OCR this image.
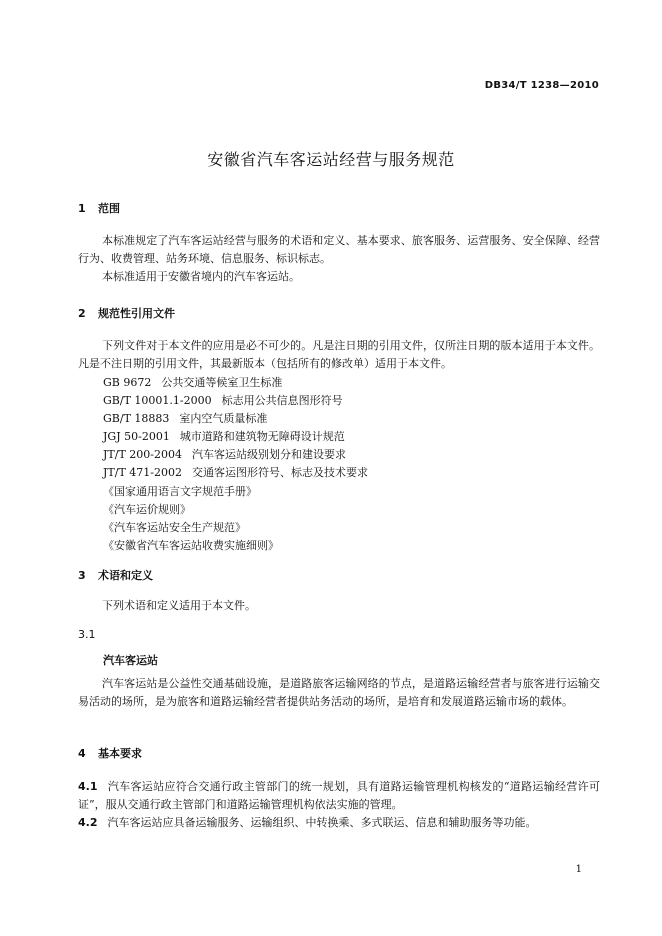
DB34/T 1238—2010
安徽省汽车客运站经营与服务规范
1 范围

本标准规定了汽车客运站经营与服务的术语和定义、基本要求、旅客服务、运营服务、安全保障、经营行为、收费管理、站务环境、信息服务、标识标志。

本标准适用于安徽省境内的汽车客运站。

2 规范性引用文件

下列文件对于本文件的应用是必不可少的。凡是注日期的引用文件，仅所注日期的版本适用于本文件。凡是不注日期的引用文件，其最新版本（包括所有的修改单）适用于本文件。

GB 9672 公共交通等候室卫生标准
GB/T 10001.1-2000 标志用公共信息图形符号
GB/T 18883 室内空气质量标准
JGJ 50-2001 城市道路和建筑物无障碍设计规范
JT/T 200-2004 汽车客运站级别划分和建设要求
JT/T 471-2002 交通客运图形符号、标志及技术要求
《国家通用语言文字规范手册》
《汽车运价规则》
《汽车客运站安全生产规范》
《安徽省汽车客运站收费实施细则》
3 术语和定义

下列术语和定义适用于本文件。

3.1
汽车客运站

汽车客运站是公益性交通基础设施，是道路旅客运输网络的节点，是道路运输经营者与旅客进行运输交易活动的场所，是为旅客和道路运输经营者提供站务活动的场所，是培育和发展道路运输市场的载体。

4 基本要求

4.1 汽车客运站应符合交通行政主管部门的统一规划，具有道路运输管理机构核发的“道路运输经营许可证”，服从交通行政主管部门和道路运输管理机构依法实施的管理。

4.2 汽车客运站应具备运输服务、运输组织、中转换乘、多式联运、信息和辅助服务等功能。

1
